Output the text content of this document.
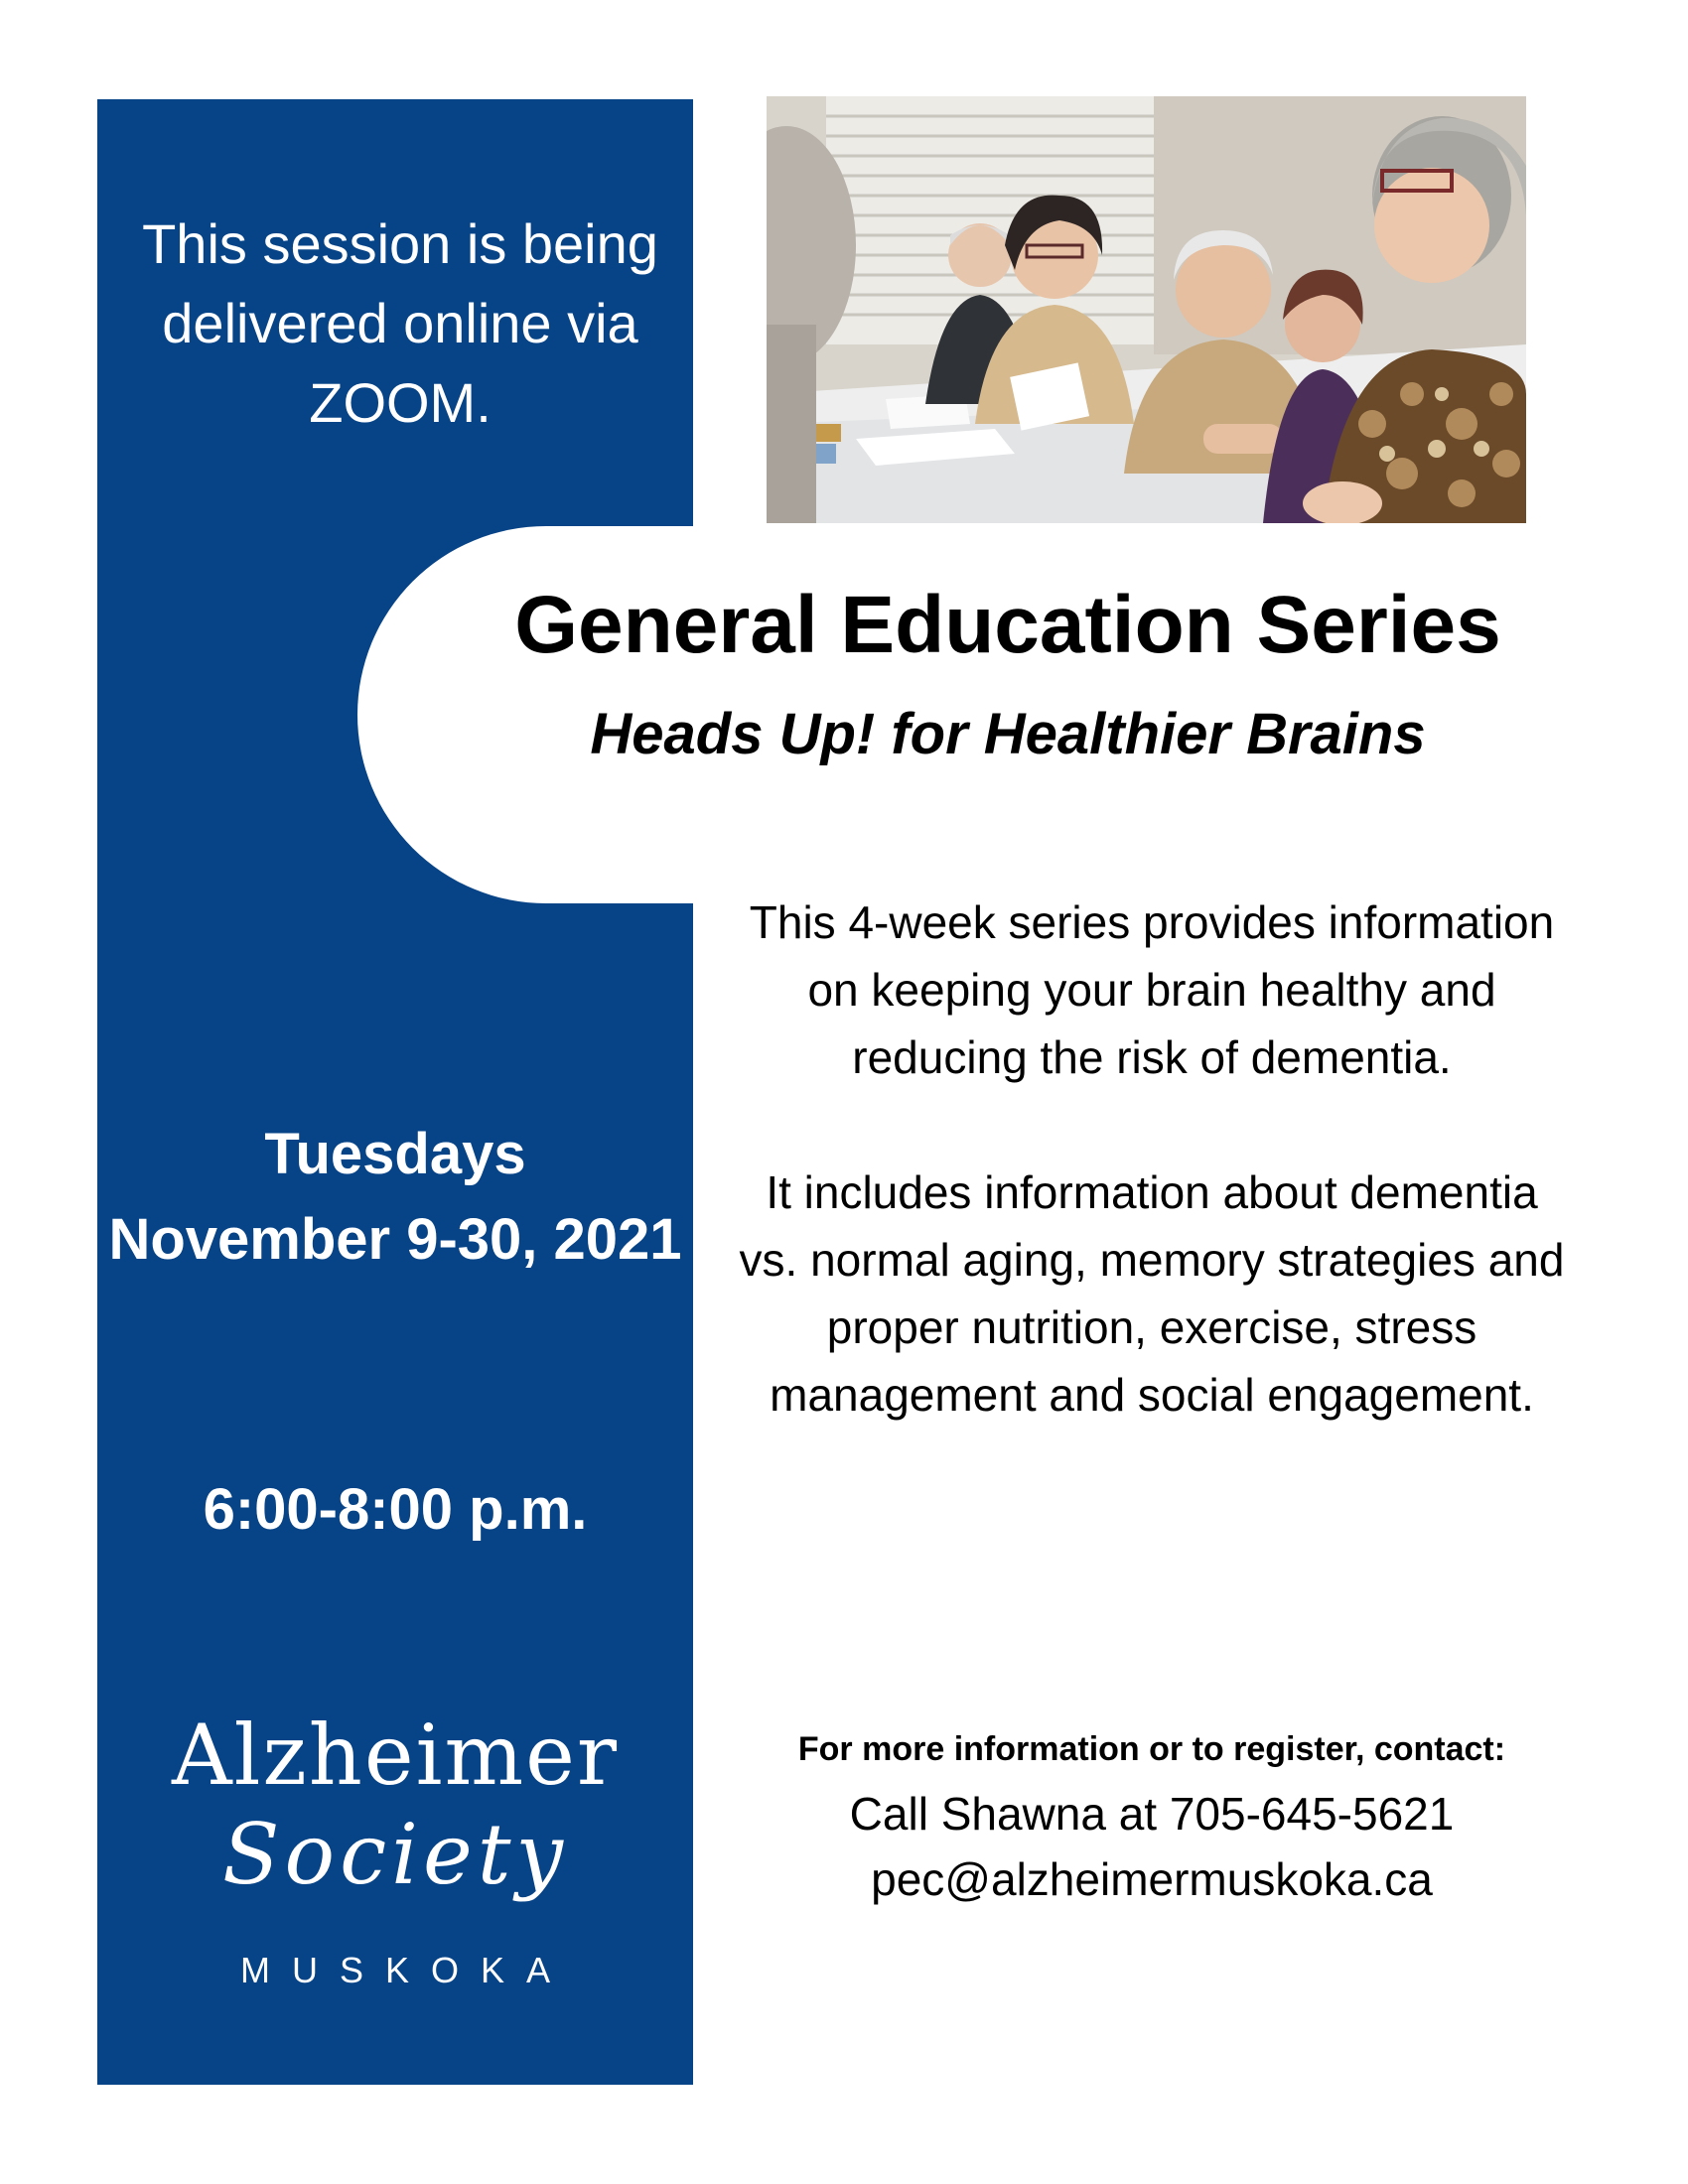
This session is being delivered online via ZOOM.
Tuesdays
November 9-30, 2021
6:00-8:00 p.m.
Alzheimer
Society
MUSKOKA
General Education Series
Heads Up! for Healthier Brains

This 4-week series provides information on keeping your brain healthy and reducing the risk of dementia.

It includes information about dementia vs. normal aging, memory strategies and proper nutrition, exercise, stress management and social engagement.

For more information or to register, contact:
Call Shawna at 705-645-5621
pec@alzheimermuskoka.ca
